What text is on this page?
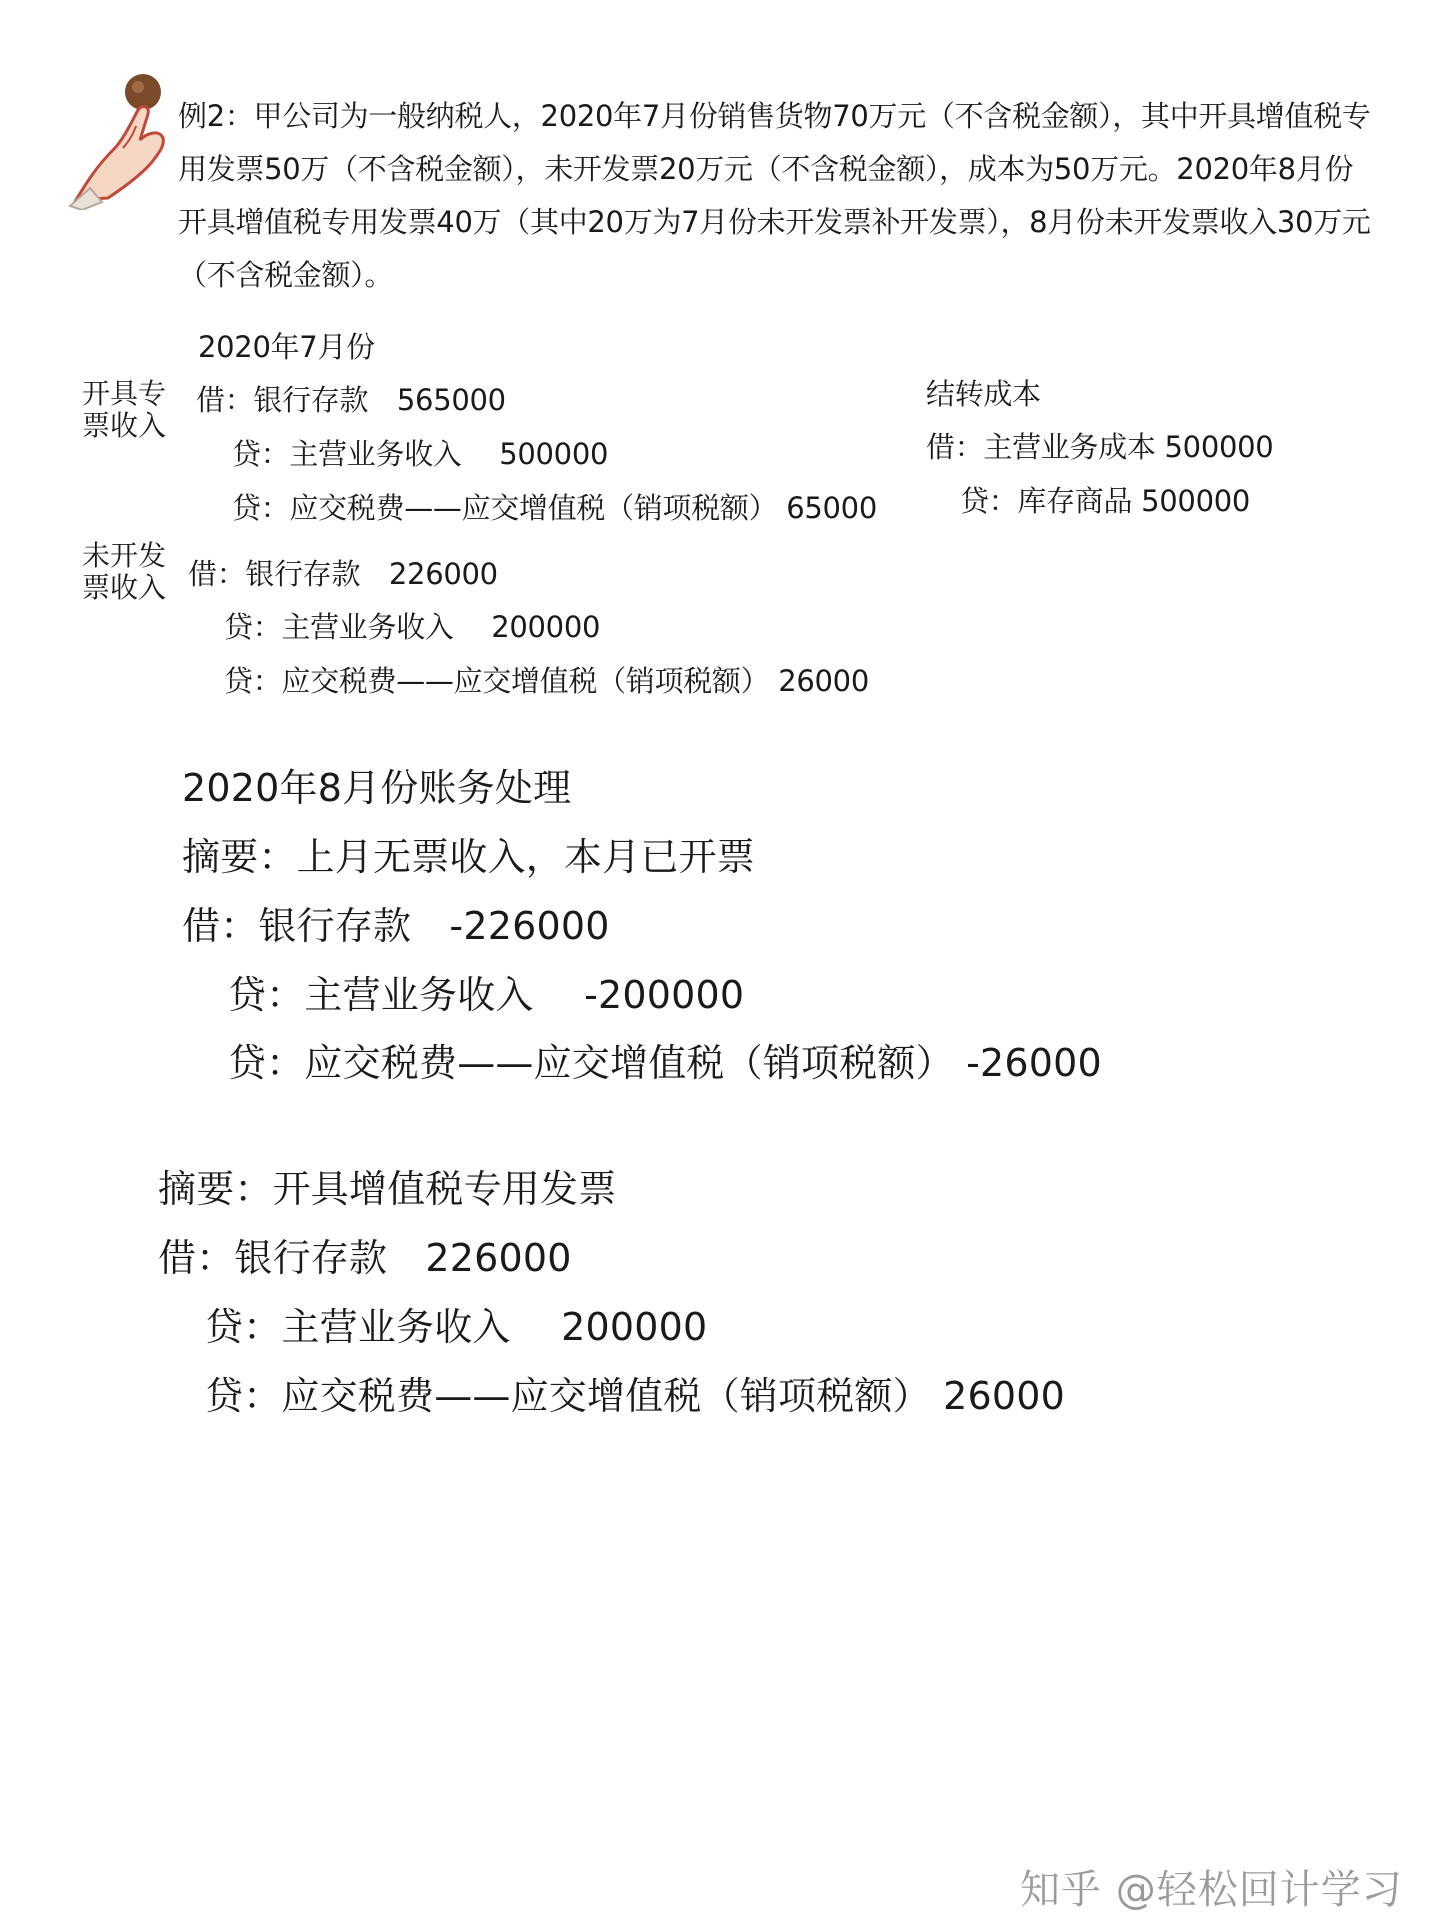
例2：甲公司为一般纳税人，2020年7月份销售货物70万元（不含税金额），其中开具增值税专用发票50万（不含税金额），未开发票20万元（不含税金额），成本为50万元。2020年8月份开具增值税专用发票40万（其中20万为7月份未开发票补开发票），8月份未开发票收入30万元（不含税金额）。
2020年7月份
开具专票收入
借：银行存款　565000
贷：主营业务收入　 500000
贷：应交税费——应交增值税（销项税额） 65000
结转成本
借：主营业务成本 500000
贷：库存商品 500000
未开发票收入 借：银行存款　226000
贷：主营业务收入　 200000
贷：应交税费——应交增值税（销项税额） 26000
2020年8月份账务处理
摘要：上月无票收入，本月已开票
借：银行存款　-226000
贷：主营业务收入　 -200000
贷：应交税费——应交增值税（销项税额） -26000
摘要：开具增值税专用发票
借：银行存款　226000
贷：主营业务收入　 200000
贷：应交税费——应交增值税（销项税额） 26000
知乎 @轻松回计学习
